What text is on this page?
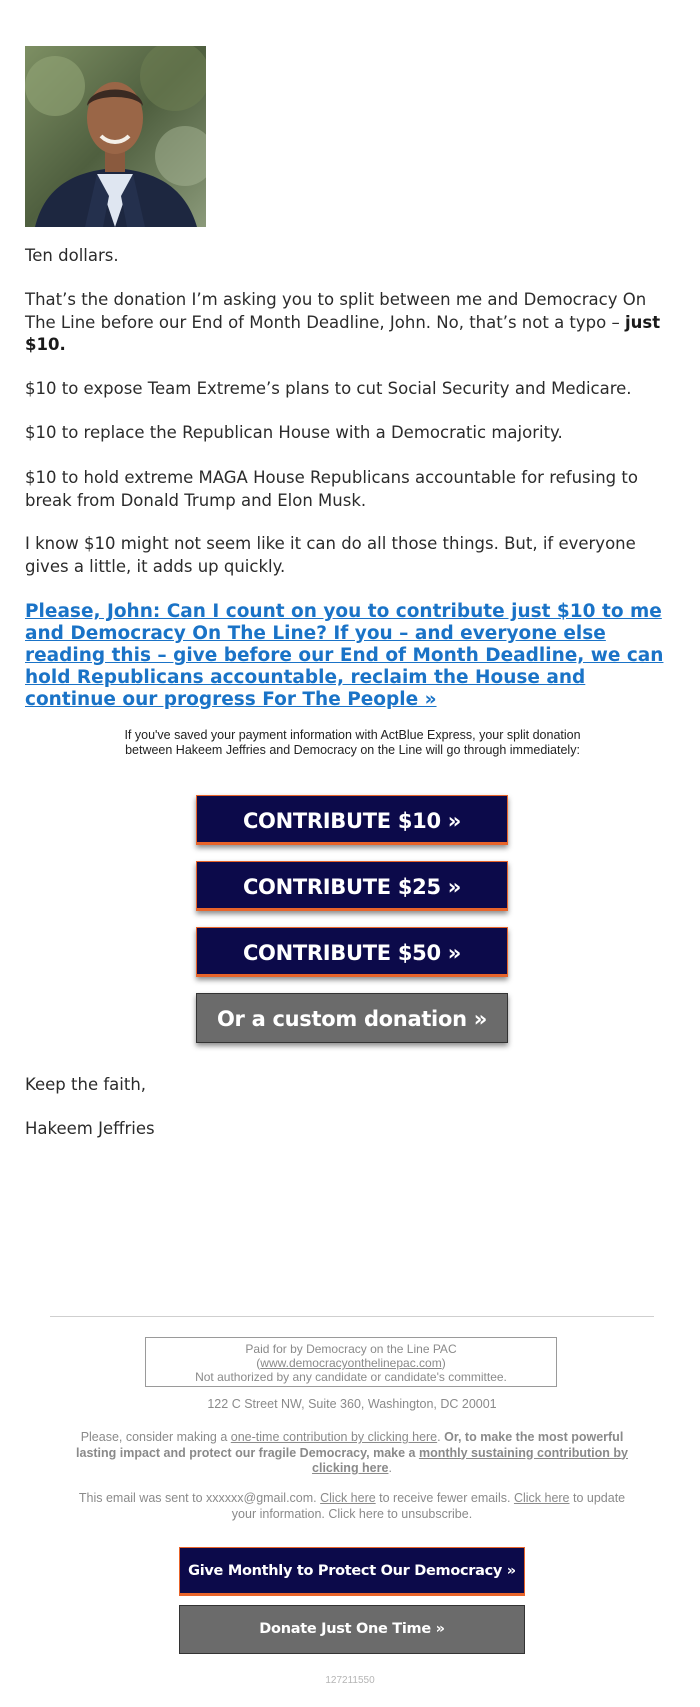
Ten dollars.

That’s the donation I’m asking you to split between me and Democracy On The Line before our End of Month Deadline, John. No, that’s not a typo – just $10.

$10 to expose Team Extreme’s plans to cut Social Security and Medicare.

$10 to replace the Republican House with a Democratic majority.

$10 to hold extreme MAGA House Republicans accountable for refusing to break from Donald Trump and Elon Musk.

I know $10 might not seem like it can do all those things. But, if everyone gives a little, it adds up quickly.

Please, John: Can I count on you to contribute just $10 to me and Democracy On The Line? If you – and everyone else reading this – give before our End of Month Deadline, we can hold Republicans accountable, reclaim the House and continue our progress For The People »

If you've saved your payment information with ActBlue Express, your split donation between Hakeem Jeffries and Democracy on the Line will go through immediately:

CONTRIBUTE $10 »
CONTRIBUTE $25 »
CONTRIBUTE $50 »
Or a custom donation »

Keep the faith,

Hakeem Jeffries

Paid for by Democracy on the Line PAC
(www.democracyonthelinepac.com)
Not authorized by any candidate or candidate's committee.

122 C Street NW, Suite 360, Washington, DC 20001

Please, consider making a one-time contribution by clicking here. Or, to make the most powerful lasting impact and protect our fragile Democracy, make a monthly sustaining contribution by clicking here.

This email was sent to xxxxxx@gmail.com. Click here to receive fewer emails. Click here to update your information. Click here to unsubscribe.

Give Monthly to Protect Our Democracy »
Donate Just One Time »
127211550
